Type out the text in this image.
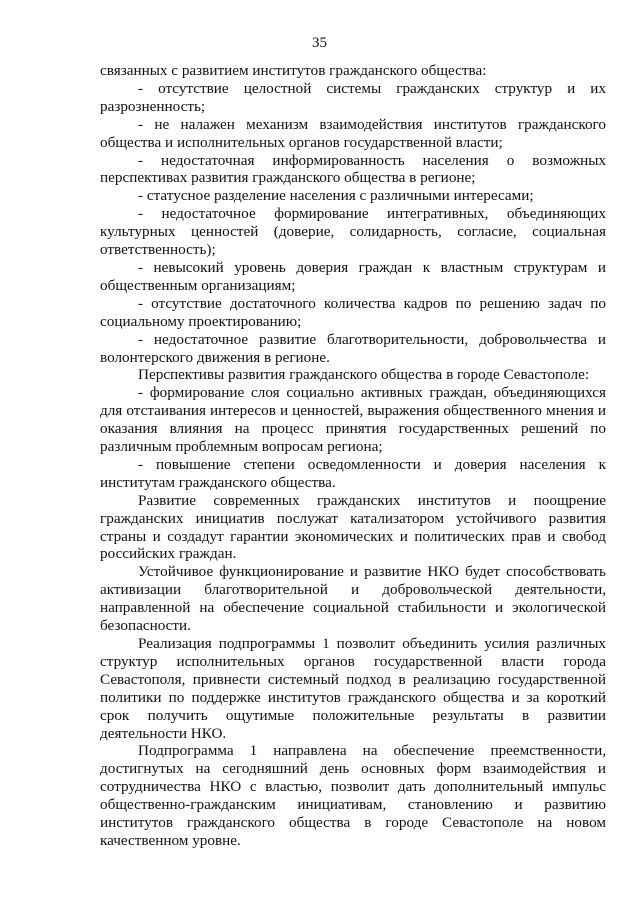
35

связанных с развитием институтов гражданского общества:

- отсутствие целостной системы гражданских структур и их разрозненность;

- не налажен механизм взаимодействия институтов гражданского общества и исполнительных органов государственной власти;

- недостаточная информированность населения о возможных перспективах развития гражданского общества в регионе;

- статусное разделение населения с различными интересами;

- недостаточное формирование интегративных, объединяющих культурных ценностей (доверие, солидарность, согласие, социальная ответственность);

- невысокий уровень доверия граждан к властным структурам и общественным организациям;

- отсутствие достаточного количества кадров по решению задач по социальному проектированию;

- недостаточное развитие благотворительности, добровольчества и волонтерского движения в регионе.

Перспективы развития гражданского общества в городе Севастополе:

- формирование слоя социально активных граждан, объединяющихся для отстаивания интересов и ценностей, выражения общественного мнения и оказания влияния на процесс принятия государственных решений по различным проблемным вопросам региона;

- повышение степени осведомленности и доверия населения к институтам гражданского общества.

Развитие современных гражданских институтов и поощрение гражданских инициатив послужат катализатором устойчивого развития страны и создадут гарантии экономических и политических прав и свобод российских граждан.

Устойчивое функционирование и развитие НКО будет способствовать активизации благотворительной и добровольческой деятельности, направленной на обеспечение социальной стабильности и экологической безопасности.

Реализация подпрограммы 1 позволит объединить усилия различных структур исполнительных органов государственной власти города Севастополя, привнести системный подход в реализацию государственной политики по поддержке институтов гражданского общества и за короткий срок получить ощутимые положительные результаты в развитии деятельности НКО.

Подпрограмма 1 направлена на обеспечение преемственности, достигнутых на сегодняшний день основных форм взаимодействия и сотрудничества НКО с властью, позволит дать дополнительный импульс общественно-гражданским инициативам, становлению и развитию институтов гражданского общества в городе Севастополе на новом качественном уровне.
